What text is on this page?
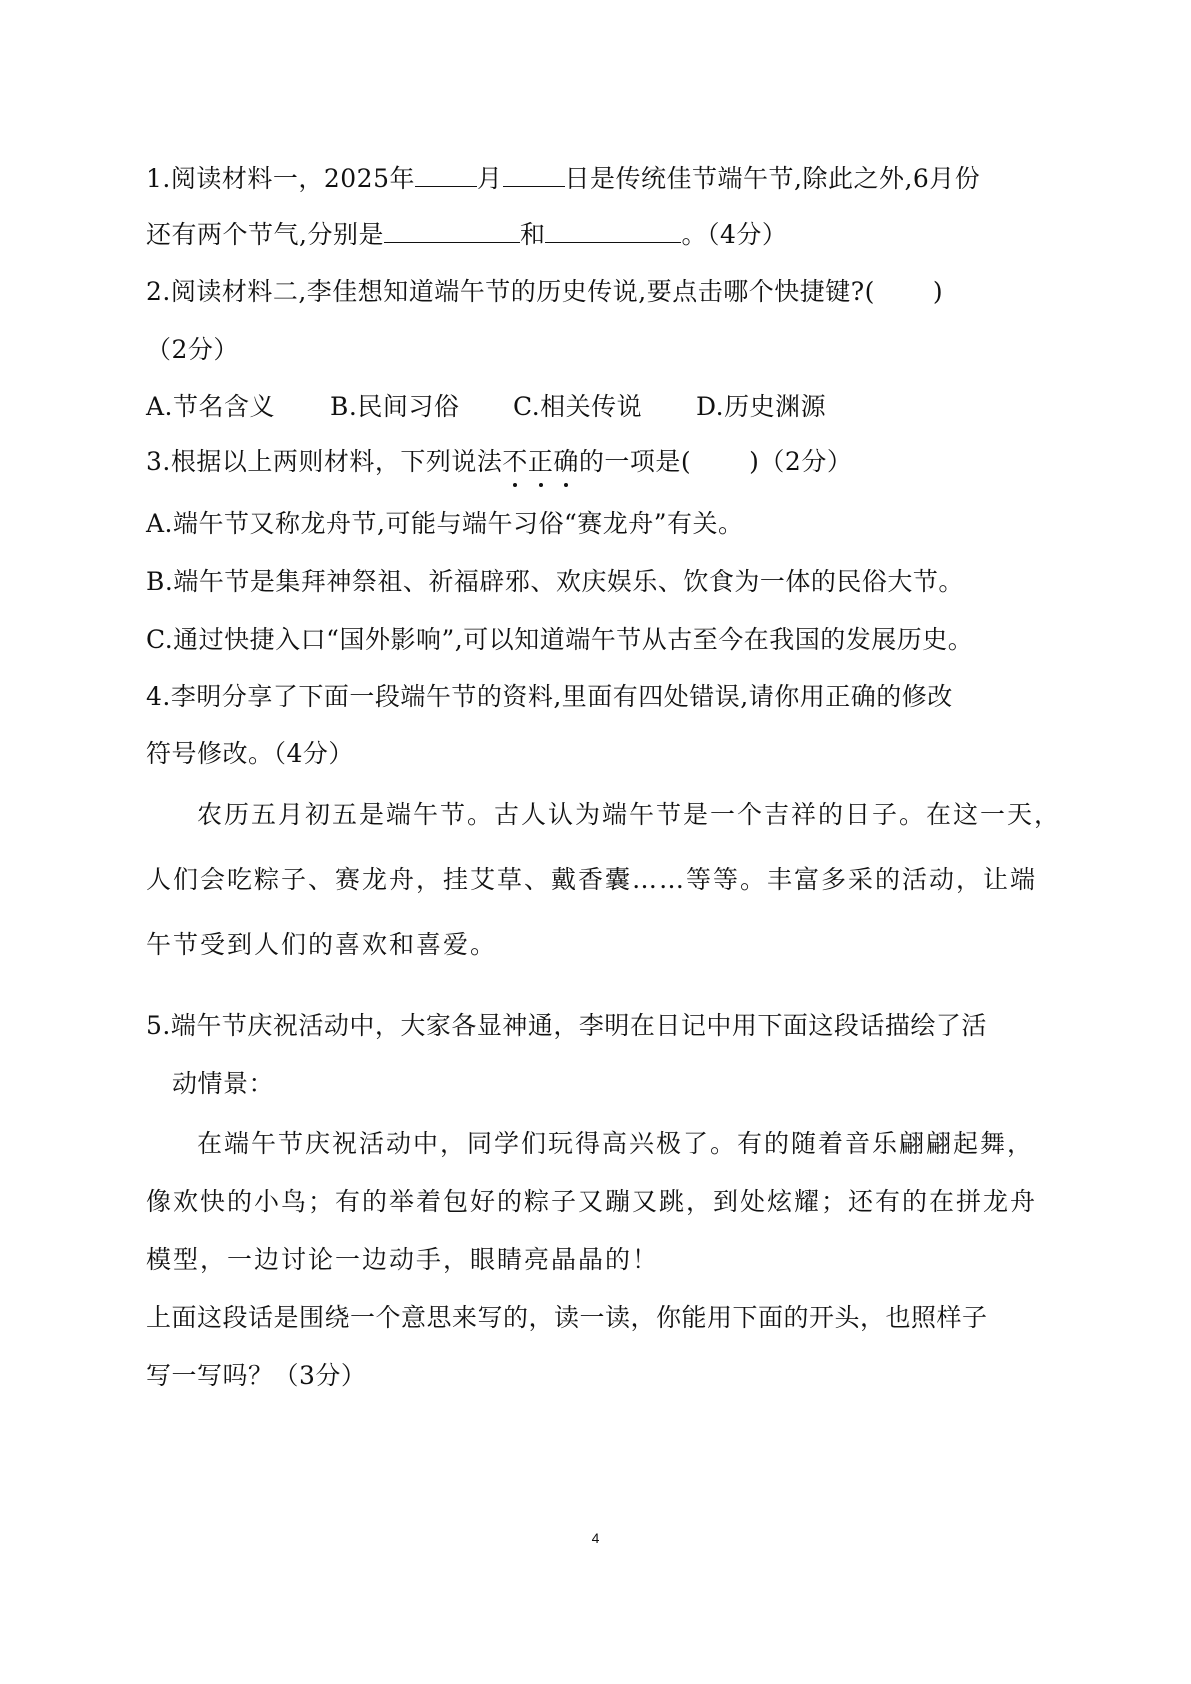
1.阅读材料一，2025年 月 日是传统佳节端午节,除此之外,6月份
还有两个节气,分别是	和	。（4分）
2.阅读材料二,李佳想知道端午节的历史传说,要点击哪个快捷键?( )
（2分）
A.节名含义 B.民间习俗 C.相关传说 D.历史渊源
3.根据以上两则材料，下列说法不正确的一项是( )（2分）
A.端午节又称龙舟节,可能与端午习俗“赛龙舟”有关。
B.端午节是集拜神祭祖、祈福辟邪、欢庆娱乐、饮食为一体的民俗大节。
C.通过快捷入口“国外影响”,可以知道端午节从古至今在我国的发展历史。
4.李明分享了下面一段端午节的资料,里面有四处错误,请你用正确的修改
符号修改。（4分）
农历五月初五是端午节。古人认为端午节是一个吉祥的日子。在这一天，
人们会吃粽子、赛龙舟，挂艾草、戴香囊……等等。丰富多采的活动，让端
午节受到人们的喜欢和喜爱。
5.端午节庆祝活动中，大家各显神通，李明在日记中用下面这段话描绘了活
动情景：
在端午节庆祝活动中，同学们玩得高兴极了。有的随着音乐翩翩起舞，
像欢快的小鸟；有的举着包好的粽子又蹦又跳，到处炫耀；还有的在拼龙舟
模型，一边讨论一边动手，眼睛亮晶晶的！
上面这段话是围绕一个意思来写的，读一读，你能用下面的开头，也照样子
写一写吗？（3分）
4
